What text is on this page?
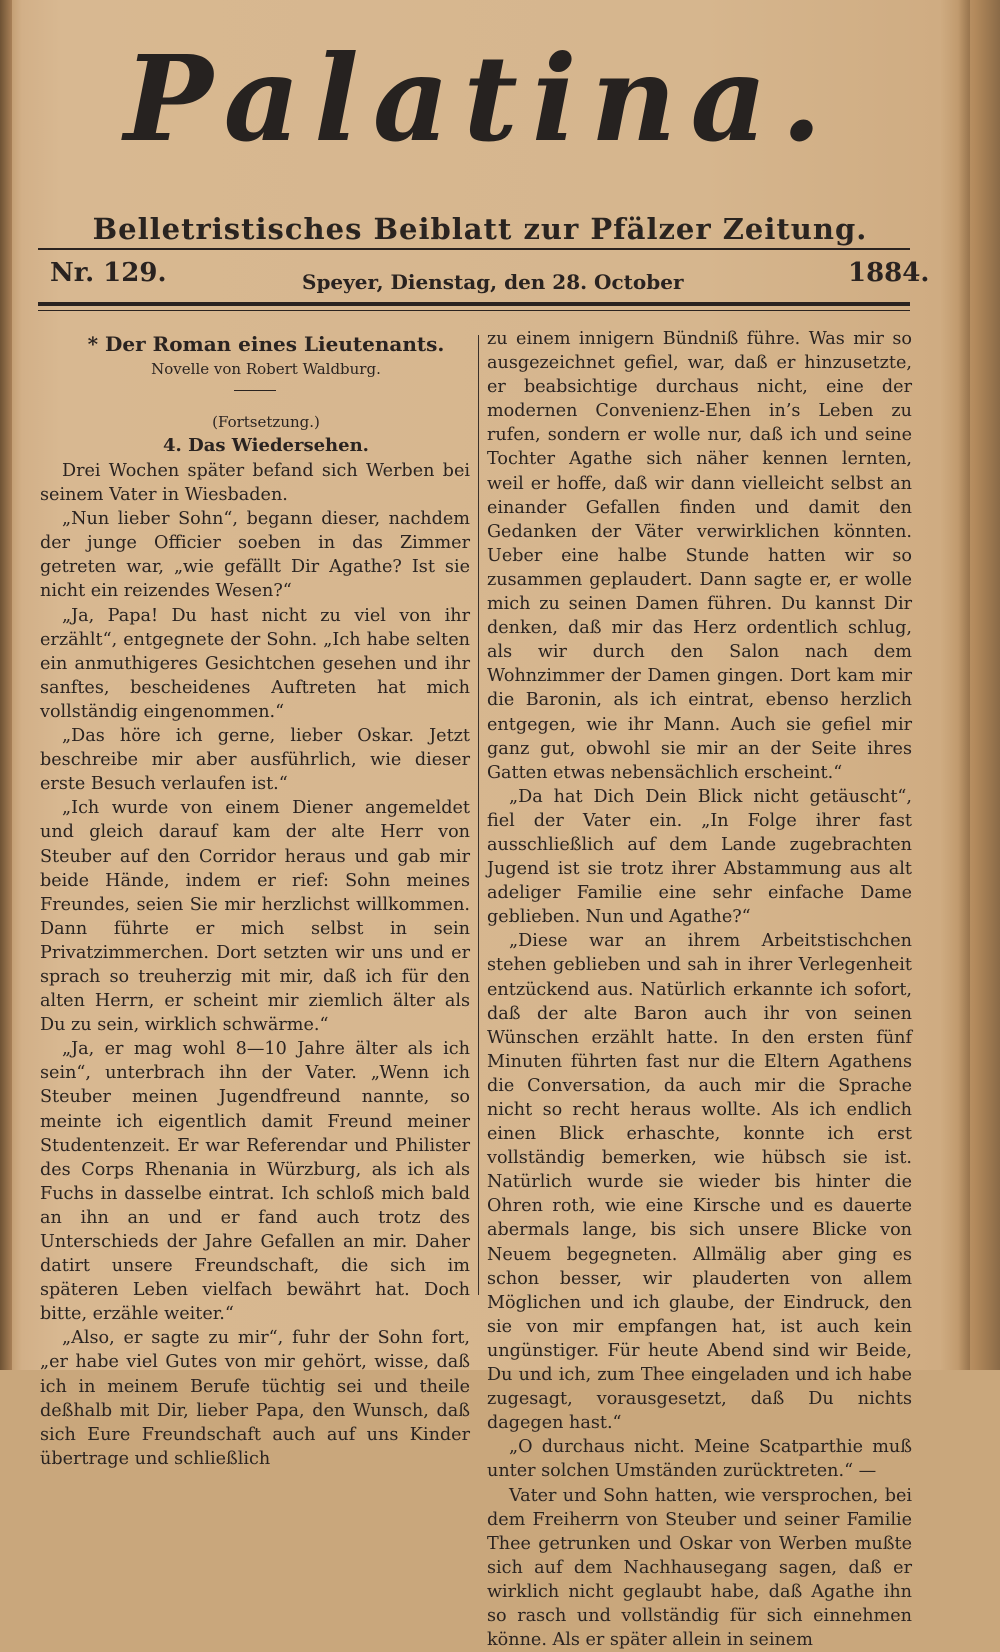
Palatina.
Belletristisches Beiblatt zur Pfälzer Zeitung.
Nr. 129.	Speyer, Dienstag, den 28. October	1884.

* Der Roman eines Lieutenants.

Novelle von Robert Waldburg.

(Fortsetzung.)

4. Das Wiedersehen.

Drei Wochen später befand sich Werben bei seinem Vater in Wiesbaden.

„Nun lieber Sohn“, begann dieser, nachdem der junge Officier soeben in das Zimmer getreten war, „wie gefällt Dir Agathe? Ist sie nicht ein reizendes Wesen?“

„Ja, Papa! Du hast nicht zu viel von ihr erzählt“, entgegnete der Sohn. „Ich habe selten ein anmuthigeres Gesichtchen gesehen und ihr sanftes, bescheidenes Auftreten hat mich vollständig eingenommen.“

„Das höre ich gerne, lieber Oskar. Jetzt beschreibe mir aber ausführlich, wie dieser erste Besuch verlaufen ist.“

„Ich wurde von einem Diener angemeldet und gleich darauf kam der alte Herr von Steuber auf den Corridor heraus und gab mir beide Hände, indem er rief: Sohn meines Freundes, seien Sie mir herzlichst willkommen. Dann führte er mich selbst in sein Privatzimmerchen. Dort setzten wir uns und er sprach so treuherzig mit mir, daß ich für den alten Herrn, er scheint mir ziemlich älter als Du zu sein, wirklich schwärme.“

„Ja, er mag wohl 8—10 Jahre älter als ich sein“, unterbrach ihn der Vater. „Wenn ich Steuber meinen Jugendfreund nannte, so meinte ich eigentlich damit Freund meiner Studentenzeit. Er war Referendar und Philister des Corps Rhenania in Würzburg, als ich als Fuchs in dasselbe eintrat. Ich schloß mich bald an ihn an und er fand auch trotz des Unterschieds der Jahre Gefallen an mir. Daher datirt unsere Freundschaft, die sich im späteren Leben vielfach bewährt hat. Doch bitte, erzähle weiter.“

„Also, er sagte zu mir“, fuhr der Sohn fort, „er habe viel Gutes von mir gehört, wisse, daß ich in meinem Berufe tüchtig sei und theile deßhalb mit Dir, lieber Papa, den Wunsch, daß sich Eure Freundschaft auch auf uns Kinder übertrage und schließlich

zu einem innigern Bündniß führe. Was mir so ausgezeichnet gefiel, war, daß er hinzusetzte, er beabsichtige durchaus nicht, eine der modernen Convenienz-Ehen in’s Leben zu rufen, sondern er wolle nur, daß ich und seine Tochter Agathe sich näher kennen lernten, weil er hoffe, daß wir dann vielleicht selbst an einander Gefallen finden und damit den Gedanken der Väter verwirklichen könnten. Ueber eine halbe Stunde hatten wir so zusammen geplaudert. Dann sagte er, er wolle mich zu seinen Damen führen. Du kannst Dir denken, daß mir das Herz ordentlich schlug, als wir durch den Salon nach dem Wohnzimmer der Damen gingen. Dort kam mir die Baronin, als ich eintrat, ebenso herzlich entgegen, wie ihr Mann. Auch sie gefiel mir ganz gut, obwohl sie mir an der Seite ihres Gatten etwas nebensächlich erscheint.“

„Da hat Dich Dein Blick nicht getäuscht“, fiel der Vater ein. „In Folge ihrer fast ausschließlich auf dem Lande zugebrachten Jugend ist sie trotz ihrer Abstammung aus alt adeliger Familie eine sehr einfache Dame geblieben. Nun und Agathe?“

„Diese war an ihrem Arbeitstischchen stehen geblieben und sah in ihrer Verlegenheit entzückend aus. Natürlich erkannte ich sofort, daß der alte Baron auch ihr von seinen Wünschen erzählt hatte. In den ersten fünf Minuten führten fast nur die Eltern Agathens die Conversation, da auch mir die Sprache nicht so recht heraus wollte. Als ich endlich einen Blick erhaschte, konnte ich erst vollständig bemerken, wie hübsch sie ist. Natürlich wurde sie wieder bis hinter die Ohren roth, wie eine Kirsche und es dauerte abermals lange, bis sich unsere Blicke von Neuem begegneten. Allmälig aber ging es schon besser, wir plauderten von allem Möglichen und ich glaube, der Eindruck, den sie von mir empfangen hat, ist auch kein ungünstiger. Für heute Abend sind wir Beide, Du und ich, zum Thee eingeladen und ich habe zugesagt, vorausgesetzt, daß Du nichts dagegen hast.“

„O durchaus nicht. Meine Scatparthie muß unter solchen Umständen zurücktreten.“ —

Vater und Sohn hatten, wie versprochen, bei dem Freiherrn von Steuber und seiner Familie Thee getrunken und Oskar von Werben mußte sich auf dem Nachhausegang sagen, daß er wirklich nicht geglaubt habe, daß Agathe ihn so rasch und vollständig für sich einnehmen könne. Als er später allein in seinem
